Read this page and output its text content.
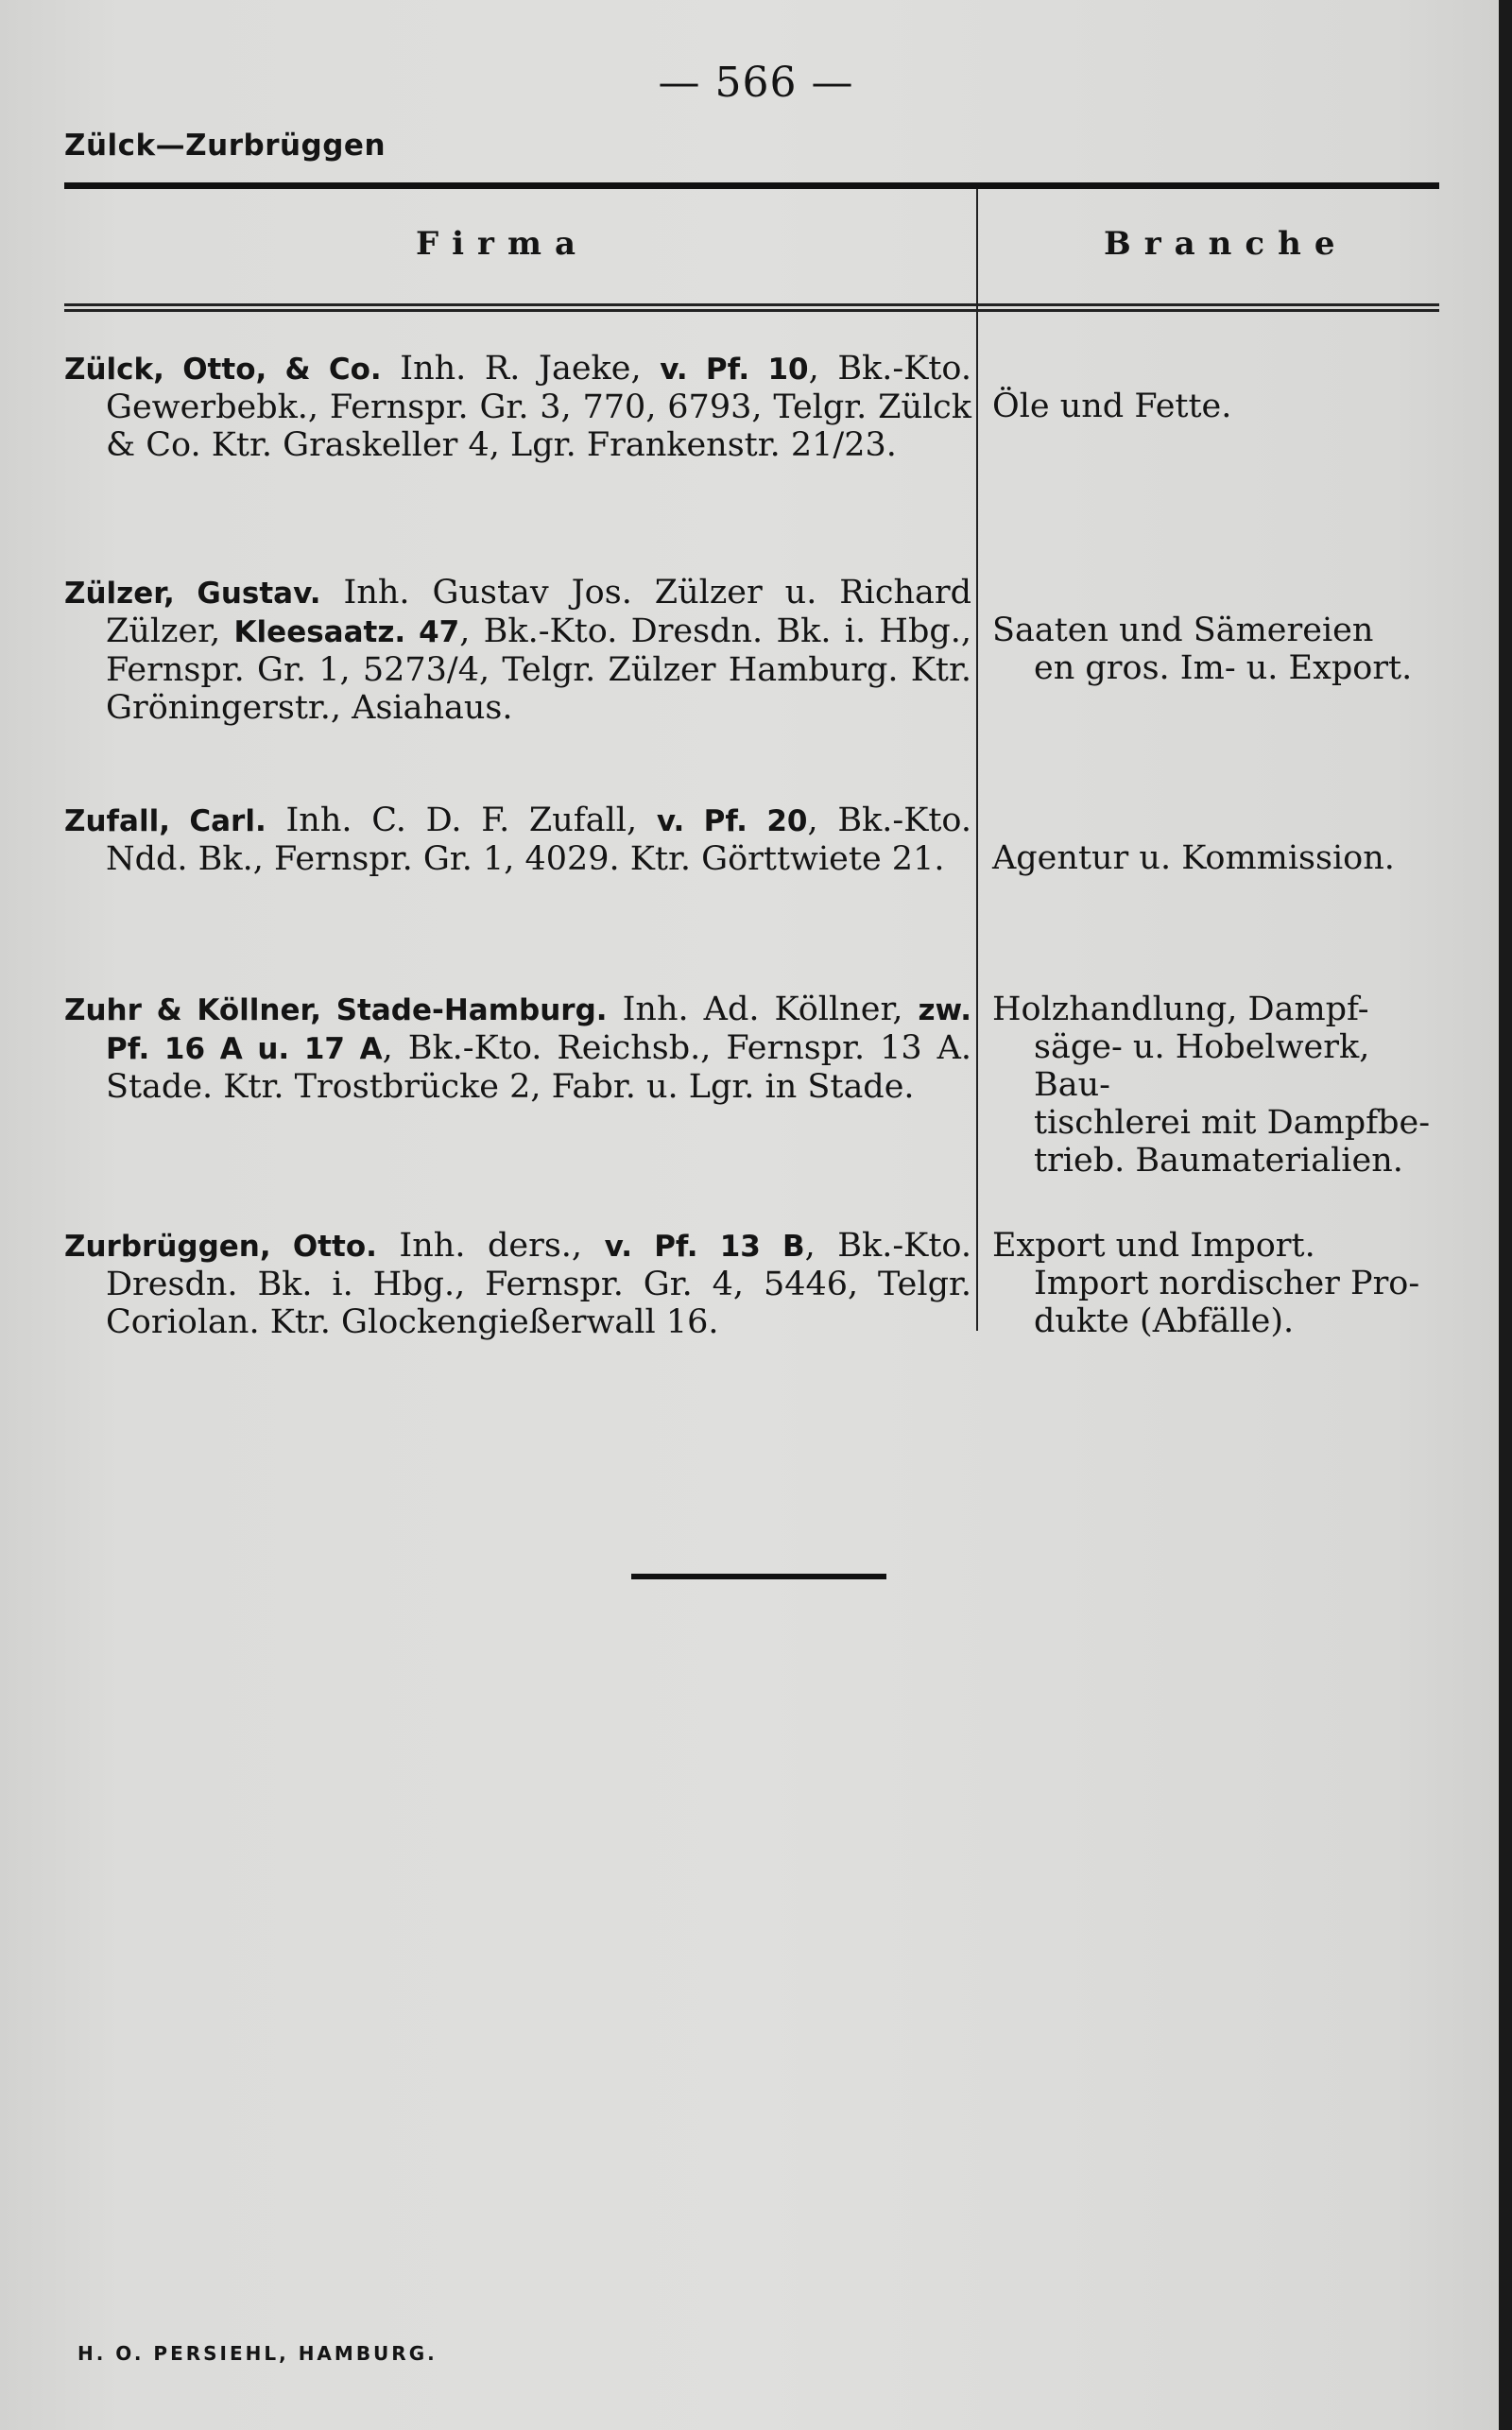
— 566 —
Zülck—Zurbrüggen
Firma	Branche
Zülck, Otto, & Co. Inh. R. Jaeke, v. Pf. 10, Bk.-Kto. Gewerbebk., Fernspr. Gr. 3, 770, 6793, Telgr. Zülck & Co. Ktr. Graskeller 4, Lgr. Frankenstr. 21/23.
Öle und Fette.
Zülzer, Gustav. Inh. Gustav Jos. Zülzer u. Richard Zülzer, Kleesaatz. 47, Bk.-Kto. Dresdn. Bk. i. Hbg., Fernspr. Gr. 1, 5273/4, Telgr. Zülzer Hamburg. Ktr. Gröningerstr., Asiahaus.
Saaten und Sämereien
en gros. Im- u. Export.
Zufall, Carl. Inh. C. D. F. Zufall, v. Pf. 20, Bk.-Kto. Ndd. Bk., Fernspr. Gr. 1, 4029. Ktr. Görttwiete 21.	Agentur u. Kommission.
Zuhr & Köllner, Stade-Hamburg. Inh. Ad. Köllner, zw. Pf. 16 A u. 17 A, Bk.-Kto. Reichsb., Fernspr. 13 A. Stade. Ktr. Trostbrücke 2, Fabr. u. Lgr. in Stade.
Holzhandlung, Dampf-
säge- u. Hobelwerk, Bau-
tischlerei mit Dampfbe-
trieb. Baumaterialien.
Zurbrüggen, Otto. Inh. ders., v. Pf. 13 B, Bk.-Kto. Dresdn. Bk. i. Hbg., Fernspr. Gr. 4, 5446, Telgr. Coriolan. Ktr. Glockengießerwall 16.
Export und Import.
Import nordischer Pro-
dukte (Abfälle).
H. O. PERSIEHL, HAMBURG.
